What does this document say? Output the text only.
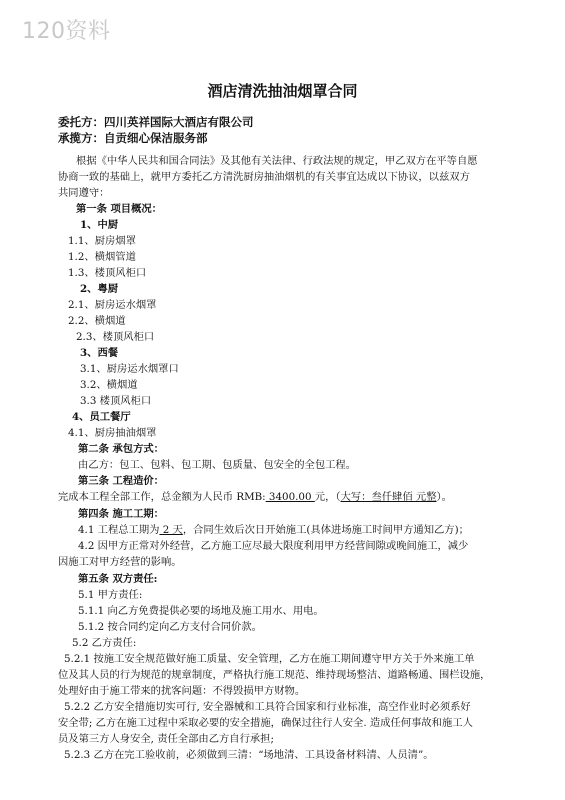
120资料
酒店清洗抽油烟罩合同
委托方：四川英祥国际大酒店有限公司
承揽方：自贡细心保洁服务部
根据《中华人民共和国合同法》及其他有关法律、行政法规的规定，甲乙双方在平等自愿
协商一致的基础上，就甲方委托乙方清洗厨房抽油烟机的有关事宜达成以下协议，以兹双方
共同遵守：
第一条 项目概况：
1、中厨
1.1、厨房烟罩
1.2、横烟管道
1.3、楼顶风柜口
2、粤厨
2.1、厨房运水烟罩
2.2、横烟道
2.3、楼顶风柜口
3、西餐
3.1、厨房运水烟罩口
3.2、横烟道
3.3 楼顶风柜口
4、员工餐厅
4.1、厨房抽油烟罩
第二条 承包方式：
由乙方：包工、包料、包工期、包质量、包安全的全包工程。
第三条 工程造价：
完成本工程全部工作，总金额为人民币 RMB: 3400.00 元，（大写：叁仟肆佰 元整）。
第四条 施工工期：
4.1 工程总工期为 2 天，合同生效后次日开始施工(具体进场施工时间甲方通知乙方)；
4.2 因甲方正常对外经营，乙方施工应尽最大限度利用甲方经营间隙或晚间施工，减少
因施工对甲方经营的影响。
第五条 双方责任:
5.1 甲方责任:
5.1.1 向乙方免费提供必要的场地及施工用水、用电。
5.1.2 按合同约定向乙方支付合同价款。
5.2 乙方责任:
5.2.1 按施工安全规范做好施工质量、安全管理，乙方在施工期间遵守甲方关于外来施工单
位及其人员的行为规范的规章制度，严格执行施工规范、维持现场整洁、道路畅通、围栏设施，
处理好由于施工带来的扰客问题：不得毁损甲方财物。
5.2.2 乙方安全措施切实可行, 安全器械和工具符合国家和行业标准，高空作业时必须系好
安全带; 乙方在施工过程中采取必要的安全措施，确保过往行人安全. 造成任何事故和施工人
员及第三方人身安全, 责任全部由乙方自行承担;
5.2.3 乙方在完工验收前，必须做到三清：“场地清、工具设备材料清、人员清”。
